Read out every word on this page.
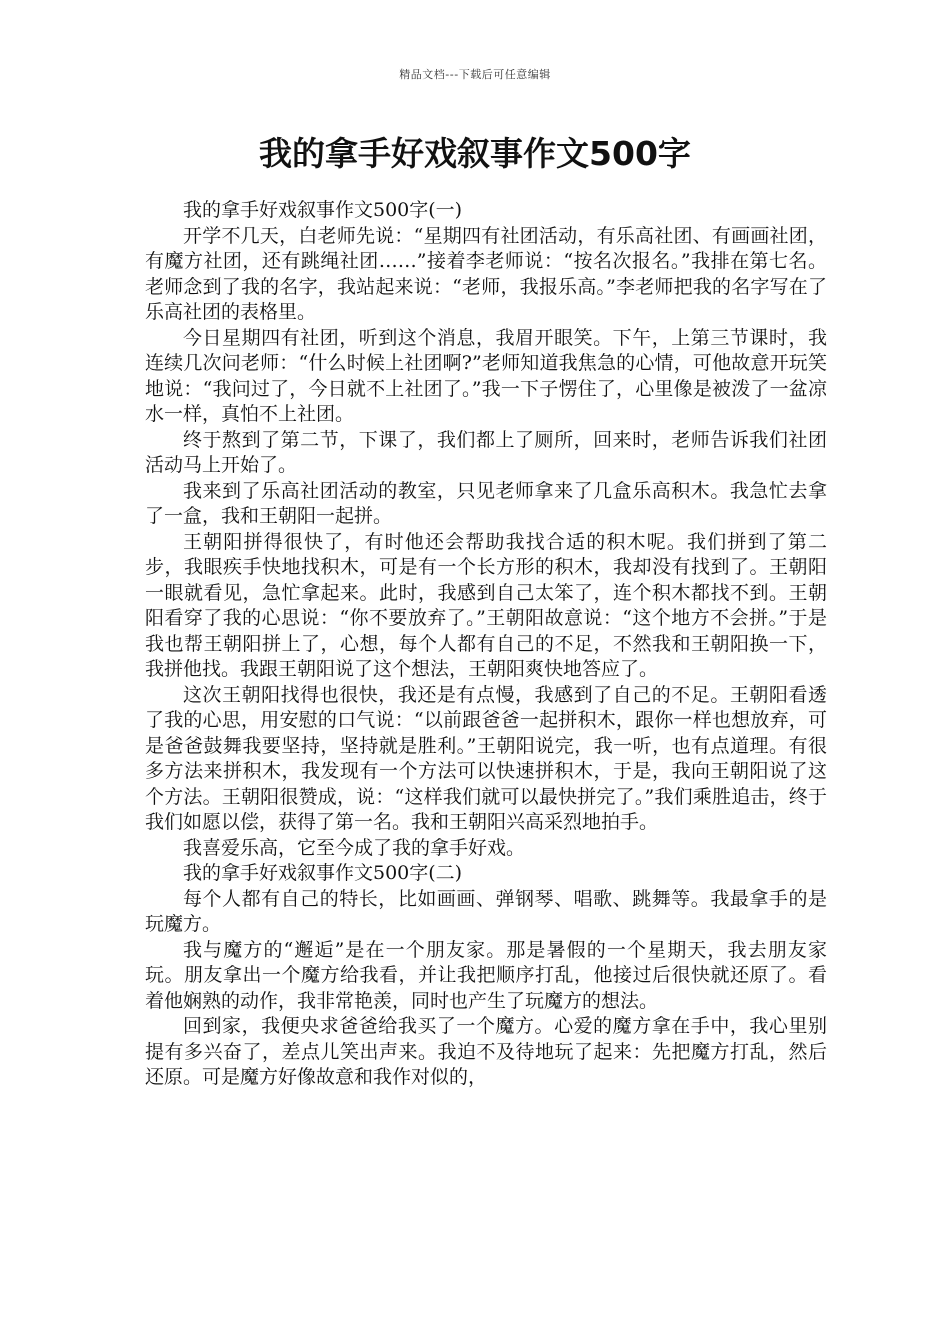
精品文档---下载后可任意编辑
我的拿手好戏叙事作文500字

我的拿手好戏叙事作文500字(一)

开学不几天，白老师先说：“星期四有社团活动，有乐高社团、有画画社团，有魔方社团，还有跳绳社团……”接着李老师说：“按名次报名。”我排在第七名。老师念到了我的名字，我站起来说：“老师，我报乐高。”李老师把我的名字写在了乐高社团的表格里。

今日星期四有社团，听到这个消息，我眉开眼笑。下午，上第三节课时，我连续几次问老师：“什么时候上社团啊?”老师知道我焦急的心情，可他故意开玩笑地说：“我问过了，今日就不上社团了。”我一下子愣住了，心里像是被泼了一盆凉水一样，真怕不上社团。

终于熬到了第二节，下课了，我们都上了厕所，回来时，老师告诉我们社团活动马上开始了。

我来到了乐高社团活动的教室，只见老师拿来了几盒乐高积木。我急忙去拿了一盒，我和王朝阳一起拼。

王朝阳拼得很快了，有时他还会帮助我找合适的积木呢。我们拼到了第二步，我眼疾手快地找积木，可是有一个长方形的积木，我却没有找到了。王朝阳一眼就看见，急忙拿起来。此时，我感到自己太笨了，连个积木都找不到。王朝阳看穿了我的心思说：“你不要放弃了。”王朝阳故意说：“这个地方不会拼。”于是我也帮王朝阳拼上了，心想，每个人都有自己的不足，不然我和王朝阳换一下，我拼他找。我跟王朝阳说了这个想法，王朝阳爽快地答应了。

这次王朝阳找得也很快，我还是有点慢，我感到了自己的不足。王朝阳看透了我的心思，用安慰的口气说：“以前跟爸爸一起拼积木，跟你一样也想放弃，可是爸爸鼓舞我要坚持，坚持就是胜利。”王朝阳说完，我一听，也有点道理。有很多方法来拼积木，我发现有一个方法可以快速拼积木，于是，我向王朝阳说了这个方法。王朝阳很赞成，说：“这样我们就可以最快拼完了。”我们乘胜追击，终于我们如愿以偿，获得了第一名。我和王朝阳兴高采烈地拍手。

我喜爱乐高，它至今成了我的拿手好戏。

我的拿手好戏叙事作文500字(二)

每个人都有自己的特长，比如画画、弹钢琴、唱歌、跳舞等。我最拿手的是玩魔方。

我与魔方的“邂逅”是在一个朋友家。那是暑假的一个星期天，我去朋友家玩。朋友拿出一个魔方给我看，并让我把顺序打乱，他接过后很快就还原了。看着他娴熟的动作，我非常艳羡，同时也产生了玩魔方的想法。

回到家，我便央求爸爸给我买了一个魔方。心爱的魔方拿在手中，我心里别提有多兴奋了，差点儿笑出声来。我迫不及待地玩了起来：先把魔方打乱，然后还原。可是魔方好像故意和我作对似的，
